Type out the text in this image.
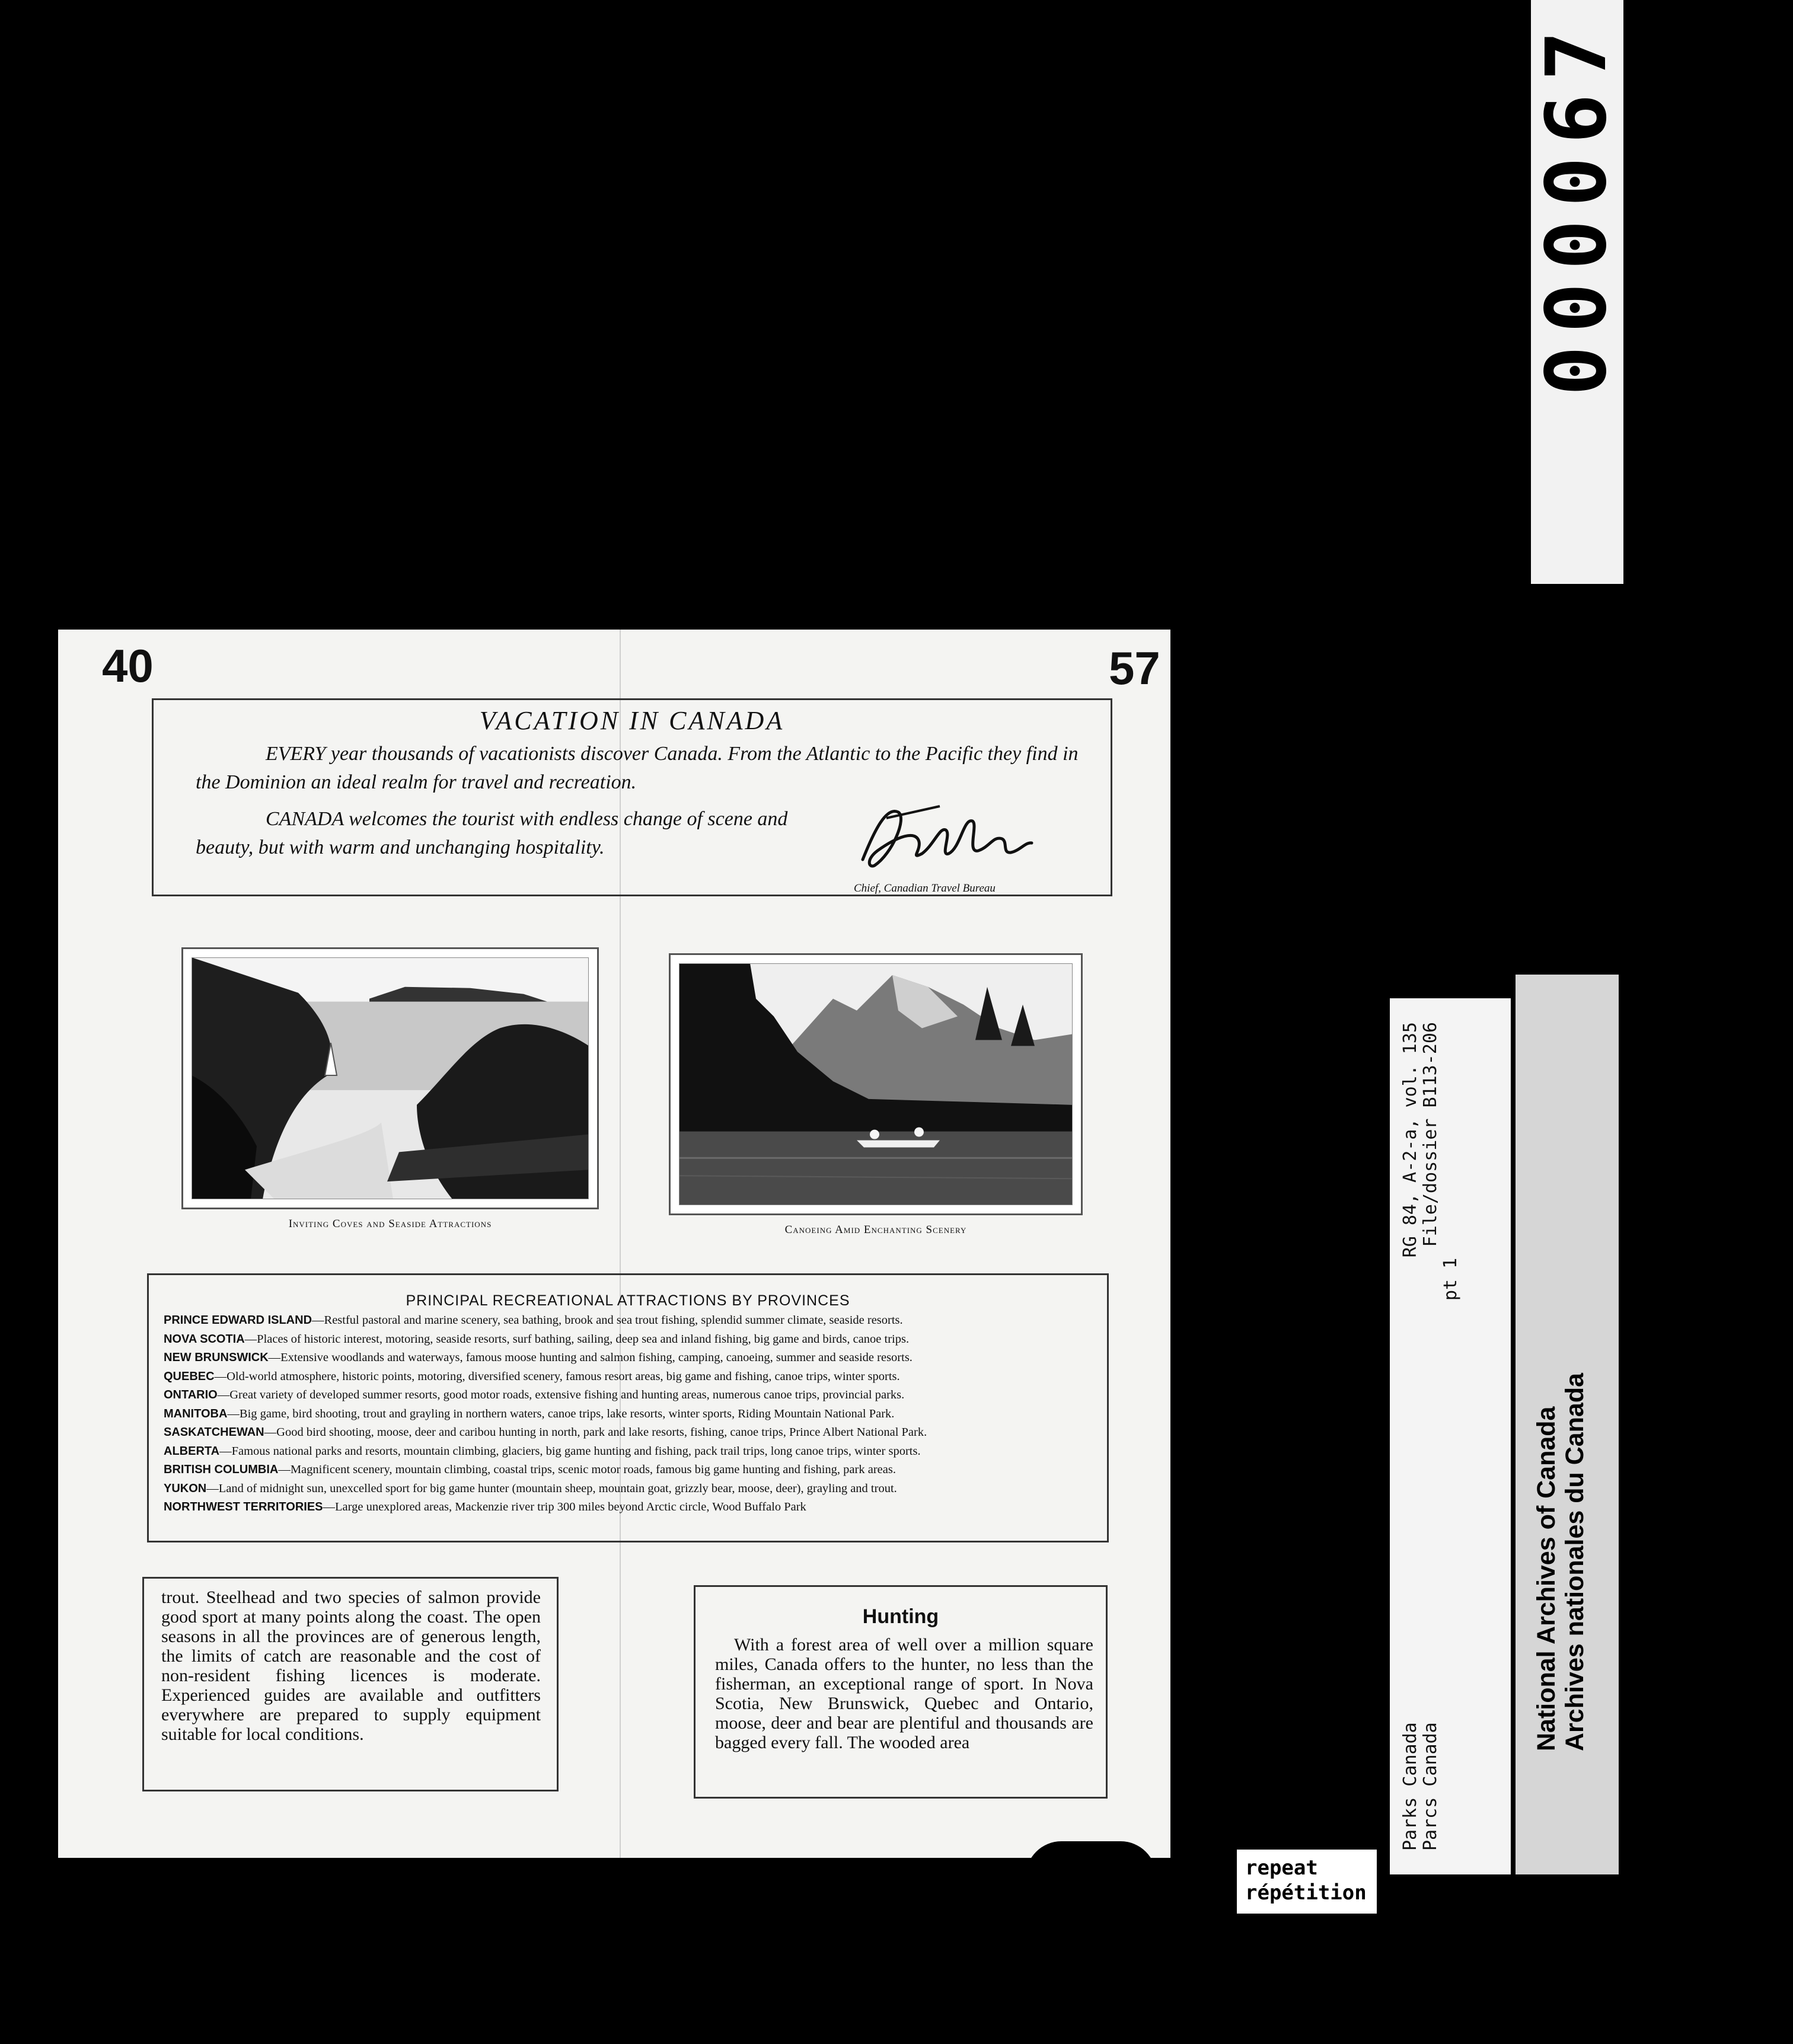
000067
40	57
VACATION IN CANADA
EVERY year thousands of vacationists discover Canada. From the Atlantic to the Pacific they find in the Dominion an ideal realm for travel and recreation.
CANADA welcomes the tourist with endless change of scene and beauty, but with warm and unchanging hospitality.
Chief, Canadian Travel Bureau
Inviting Coves and Seaside Attractions	Canoeing Amid Enchanting Scenery
PRINCIPAL RECREATIONAL ATTRACTIONS BY PROVINCES
PRINCE EDWARD ISLAND—Restful pastoral and marine scenery, sea bathing, brook and sea trout fishing, splendid summer climate, seaside resorts.
NOVA SCOTIA—Places of historic interest, motoring, seaside resorts, surf bathing, sailing, deep sea and inland fishing, big game and birds, canoe trips.
NEW BRUNSWICK—Extensive woodlands and waterways, famous moose hunting and salmon fishing, camping, canoeing, summer and seaside resorts.
QUEBEC—Old-world atmosphere, historic points, motoring, diversified scenery, famous resort areas, big game and fishing, canoe trips, winter sports.
ONTARIO—Great variety of developed summer resorts, good motor roads, extensive fishing and hunting areas, numerous canoe trips, provincial parks.
MANITOBA—Big game, bird shooting, trout and grayling in northern waters, canoe trips, lake resorts, winter sports, Riding Mountain National Park.
SASKATCHEWAN—Good bird shooting, moose, deer and caribou hunting in north, park and lake resorts, fishing, canoe trips, Prince Albert National Park.
ALBERTA—Famous national parks and resorts, mountain climbing, glaciers, big game hunting and fishing, pack trail trips, long canoe trips, winter sports.
BRITISH COLUMBIA—Magnificent scenery, mountain climbing, coastal trips, scenic motor roads, famous big game hunting and fishing, park areas.
YUKON—Land of midnight sun, unexcelled sport for big game hunter (mountain sheep, mountain goat, grizzly bear, moose, deer), grayling and trout.
NORTHWEST TERRITORIES—Large unexplored areas, Mackenzie river trip 300 miles beyond Arctic circle, Wood Buffalo Park
trout. Steelhead and two species of salmon provide good sport at many points along the coast. The open seasons in all the provinces are of generous length, the limits of catch are reasonable and the cost of non-resident fishing licences is moderate. Experienced guides are available and outfitters everywhere are prepared to supply equipment suitable for local conditions.
Hunting
With a forest area of well over a million square miles, Canada offers to the hunter, no less than the fisherman, an exceptional range of sport. In Nova Scotia, New Brunswick, Quebec and Ontario, moose, deer and bear are plentiful and thousands are bagged every fall. The wooded area
repeat
répétition
Parks Canada
RG 84, A-2-a, vol. 135
Parcs Canada
File/dossier B113-206
pt 1
National Archives of Canada Archives nationales du Canada
